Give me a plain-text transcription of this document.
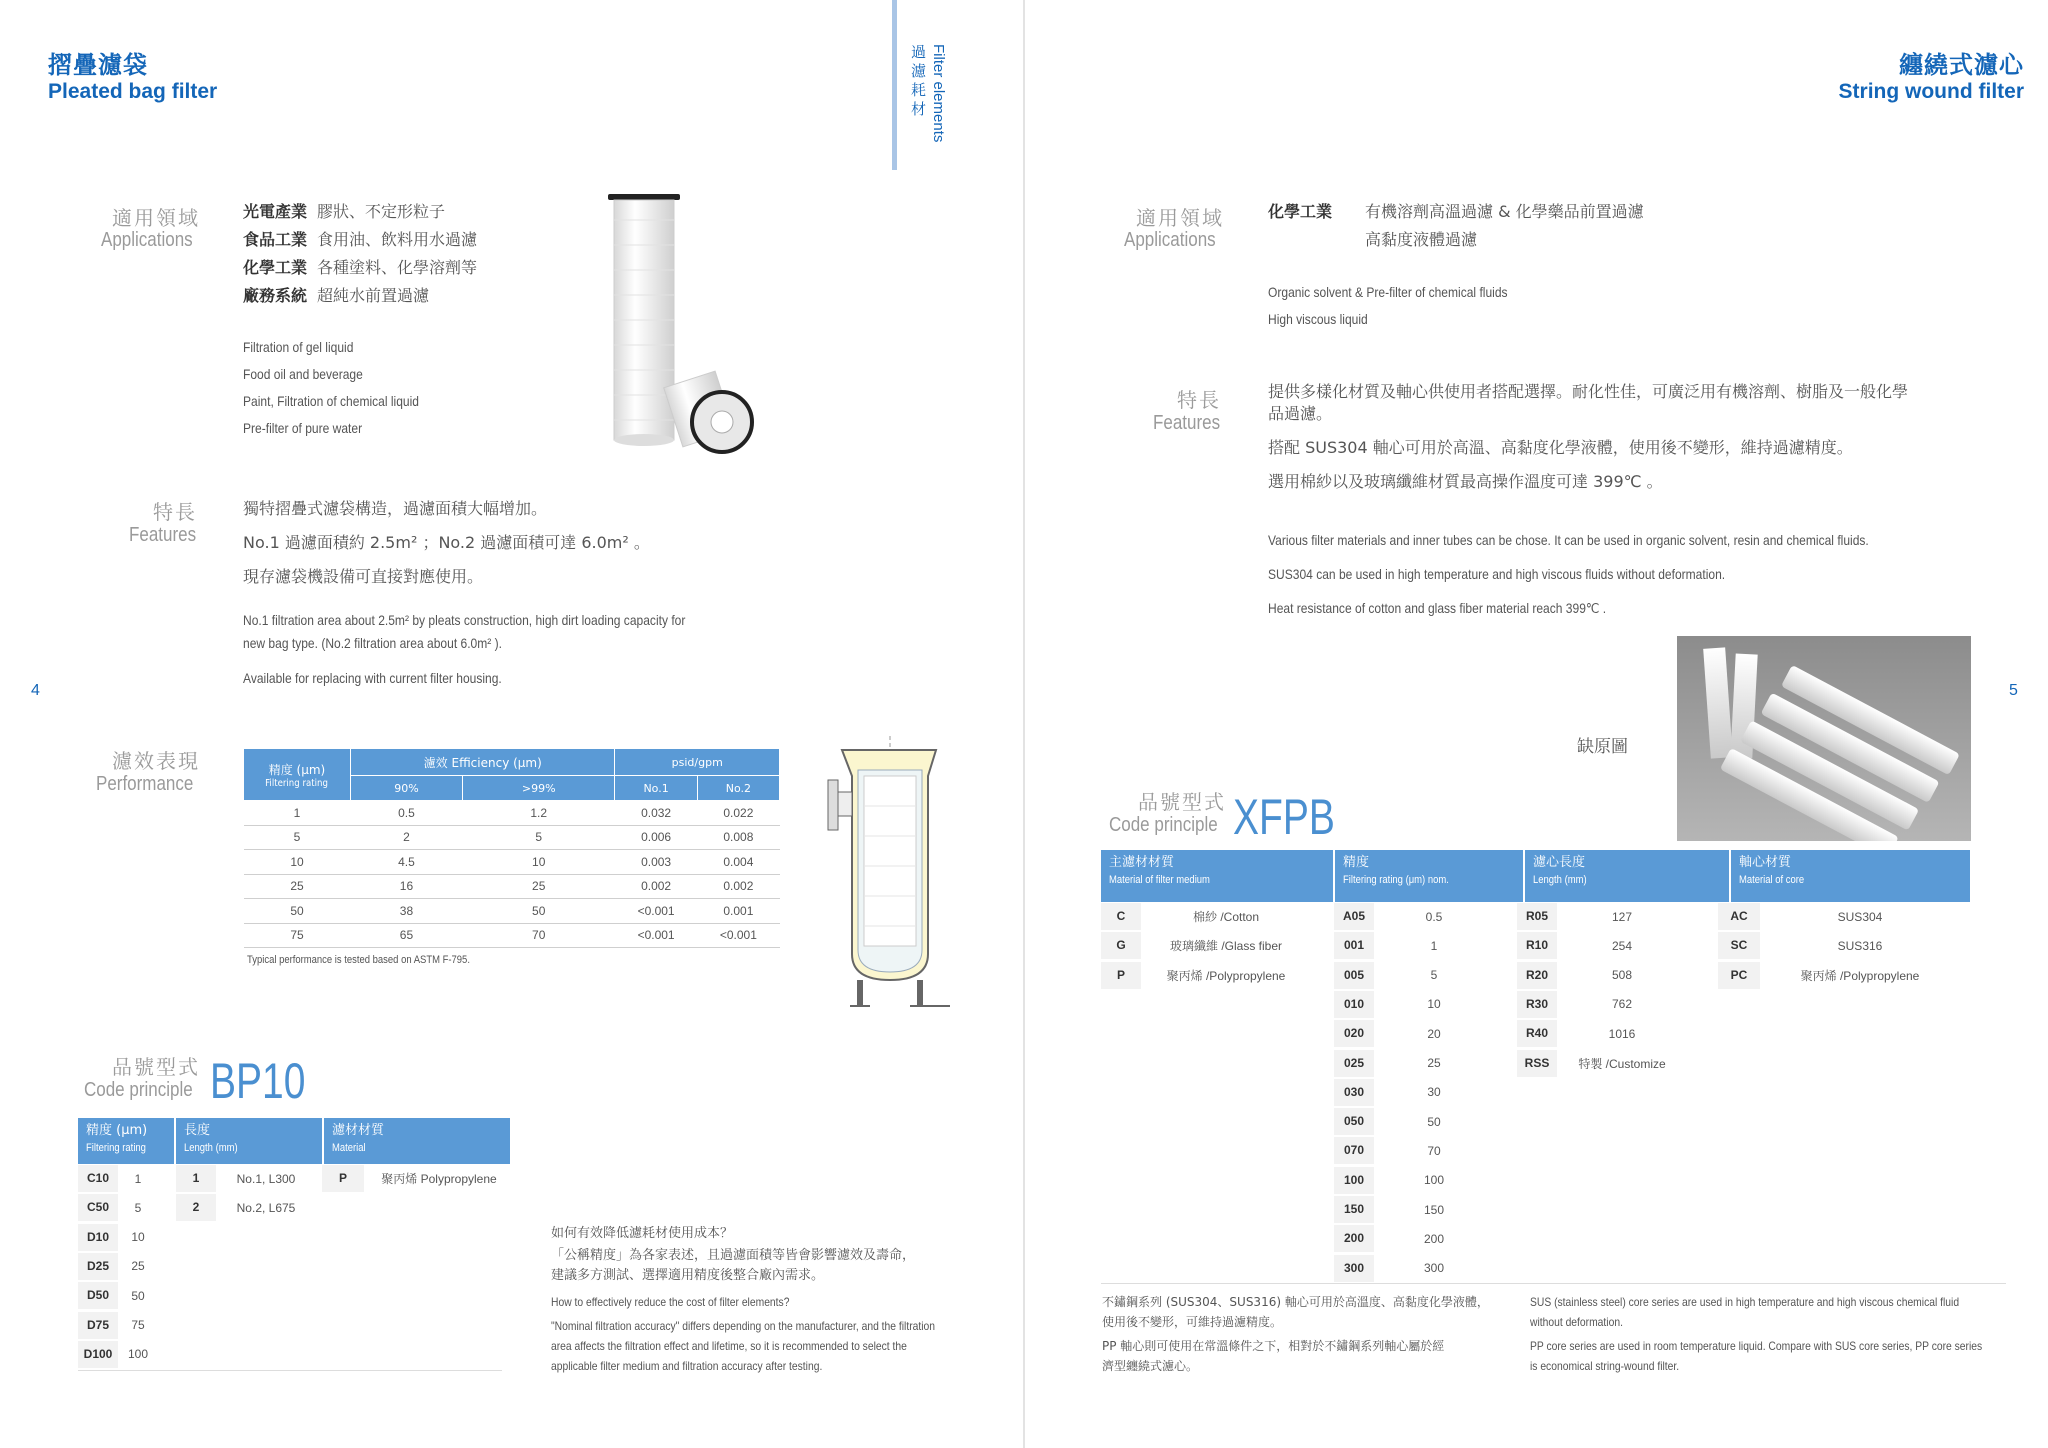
摺疊濾袋
Pleated bag filter	過濾耗材 Filter elements
4
適用領域
Applications
光電產業 膠狀、不定形粒子
食品工業 食用油、飲料用水過濾
化學工業 各種塗料、化學溶劑等
廠務系統 超純水前置過濾
Filtration of gel liquid
Food oil and beverage
Paint, Filtration of chemical liquid
Pre-filter of pure water
特長
Features
獨特摺疊式濾袋構造，過濾面積大幅增加。
No.1 過濾面積約 2.5m² ；No.2 過濾面積可達 6.0m² 。
現存濾袋機設備可直接對應使用。
No.1 filtration area about 2.5m² by pleats construction, high dirt loading capacity for
new bag type. (No.2 filtration area about 6.0m² ).
Available for replacing with current filter housing.
濾效表現
Performance
精度 (μm)
Filtering rating	濾效 Efficiency (μm)		psid/gpm	
	90%	>99%	No.1	No.2
1	0.5	1.2	0.032	0.022
5	2	5	0.006	0.008
10	4.5	10	0.003	0.004
25	16	25	0.002	0.002
50	38	50	<0.001	0.001
75	65	70	<0.001	<0.001
Typical performance is tested based on ASTM F-795.
品號型式
Code principle BP10
精度 (μm)
Filtering rating

長度
Length (mm)

濾材材質
Material
C10	1
C50	5
D10	10
D25	25
D50	50
D75	75
D100	100
1	No.1, L300
2	No.2, L675
P	聚丙烯 Polypropylene
如何有效降低濾耗材使用成本？
「公稱精度」為各家表述，且過濾面積等皆會影響濾效及壽命，
建議多方測試、選擇適用精度後整合廠內需求。
How to effectively reduce the cost of filter elements?
"Nominal filtration accuracy" differs depending on the manufacturer, and the filtration
area affects the filtration effect and lifetime, so it is recommended to select the
applicable filter medium and filtration accuracy after testing.
纏繞式濾心
String wound filter
5
適用領域
Applications
化學工業 有機溶劑高溫過濾 & 化學藥品前置過濾
高黏度液體過濾
Organic solvent & Pre-filter of chemical fluids
High viscous liquid
特長
Features
提供多樣化材質及軸心供使用者搭配選擇。耐化性佳，可廣泛用有機溶劑、樹脂及一般化學
品過濾。
搭配 SUS304 軸心可用於高溫、高黏度化學液體，使用後不變形，維持過濾精度。
選用棉紗以及玻璃纖維材質最高操作溫度可達 399℃ 。
Various filter materials and inner tubes can be chose. It can be used in organic solvent, resin and chemical fluids.
SUS304 can be used in high temperature and high viscous fluids without deformation.
Heat resistance of cotton and glass fiber material reach 399℃ .
缺原圖
品號型式
Code principle XFPB
主濾材材質
Material of filter medium

精度
Filtering rating (μm) nom.

濾心長度
Length (mm)

軸心材質
Material of core
C	棉紗 /Cotton
G	玻璃纖維 /Glass fiber
P	聚丙烯 /Polypropylene
A05	0.5
001	1
005	5
010	10
020	20
025	25
030	30
050	50
070	70
100	100
150	150
200	200
300	300
R05	127
R10	254
R20	508
R30	762
R40	1016
RSS	特製 /Customize
AC	SUS304
SC	SUS316
PC	聚丙烯 /Polypropylene
不鏽鋼系列 (SUS304、SUS316) 軸心可用於高溫度、高黏度化學液體，
使用後不變形，可維持過濾精度。
PP 軸心則可使用在常溫條件之下，相對於不鏽鋼系列軸心屬於經
濟型纏繞式濾心。
SUS (stainless steel) core series are used in high temperature and high viscous chemical fluid
without deformation.
PP core series are used in room temperature liquid. Compare with SUS core series, PP core series
is economical string-wound filter.
